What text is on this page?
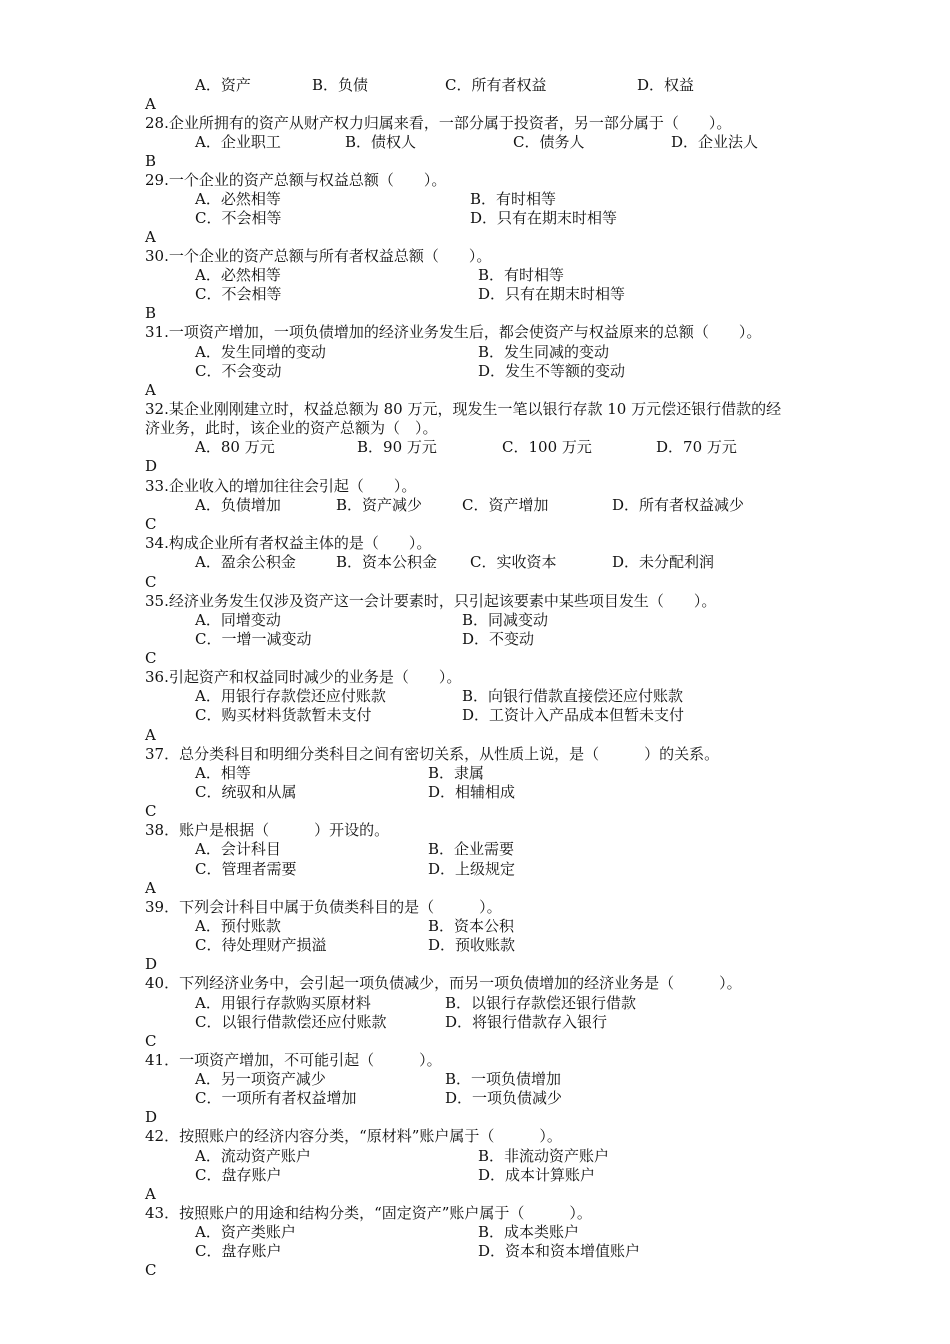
A．资产	B．负债	C．所有者权益	D．权益
A
28.企业所拥有的资产从财产权力归属来看，一部分属于投资者，另一部分属于（　　）。
A．企业职工	B．债权人	C．债务人	D．企业法人
B
29.一个企业的资产总额与权益总额（　　）。
A．必然相等	B．有时相等
C．不会相等	D．只有在期末时相等
A
30.一个企业的资产总额与所有者权益总额（　　）。
A．必然相等	B．有时相等
C．不会相等	D．只有在期末时相等
B
31.一项资产增加，一项负债增加的经济业务发生后，都会使资产与权益原来的总额（　　）。
A．发生同增的变动	B．发生同减的变动
C．不会变动	D．发生不等额的变动
A
32.某企业刚刚建立时，权益总额为 80 万元，现发生一笔以银行存款 10 万元偿还银行借款的经
济业务，此时，该企业的资产总额为（　）。
A．80 万元	B．90 万元	C．100 万元	D．70 万元
D
33.企业收入的增加往往会引起（　　）。
A．负债增加	B．资产减少	C．资产增加	D．所有者权益减少
C
34.构成企业所有者权益主体的是（　　）。
A．盈余公积金	B．资本公积金 C．实收资本	D．未分配利润
C
35.经济业务发生仅涉及资产这一会计要素时，只引起该要素中某些项目发生（　　）。
A．同增变动	B．同减变动
C．一增一减变动	D．不变动
C
36.引起资产和权益同时减少的业务是（　　）。
A．用银行存款偿还应付账款	B．向银行借款直接偿还应付账款
C．购买材料货款暂未支付	D．工资计入产品成本但暂未支付
A
37．总分类科目和明细分类科目之间有密切关系，从性质上说，是（　　　）的关系。
A．相等	B．隶属
C．统驭和从属	D．相辅相成
C
38．账户是根据（　　　）开设的。
A．会计科目	B．企业需要
C．管理者需要	D．上级规定
A
39．下列会计科目中属于负债类科目的是（　　　）。
A．预付账款	B．资本公积
C．待处理财产损溢	D．预收账款
D
40．下列经济业务中，会引起一项负债减少，而另一项负债增加的经济业务是（　　　）。
A．用银行存款购买原材料	B．以银行存款偿还银行借款
C．以银行借款偿还应付账款	D．将银行借款存入银行
C
41．一项资产增加，不可能引起（　　　）。
A．另一项资产减少	B．一项负债增加
C．一项所有者权益增加	D．一项负债减少
D
42．按照账户的经济内容分类，“原材料”账户属于（　　　）。
A．流动资产账户	B．非流动资产账户
C．盘存账户	D．成本计算账户
A
43．按照账户的用途和结构分类，“固定资产”账户属于（　　　）。
A．资产类账户	B．成本类账户
C．盘存账户	D．资本和资本增值账户
C
